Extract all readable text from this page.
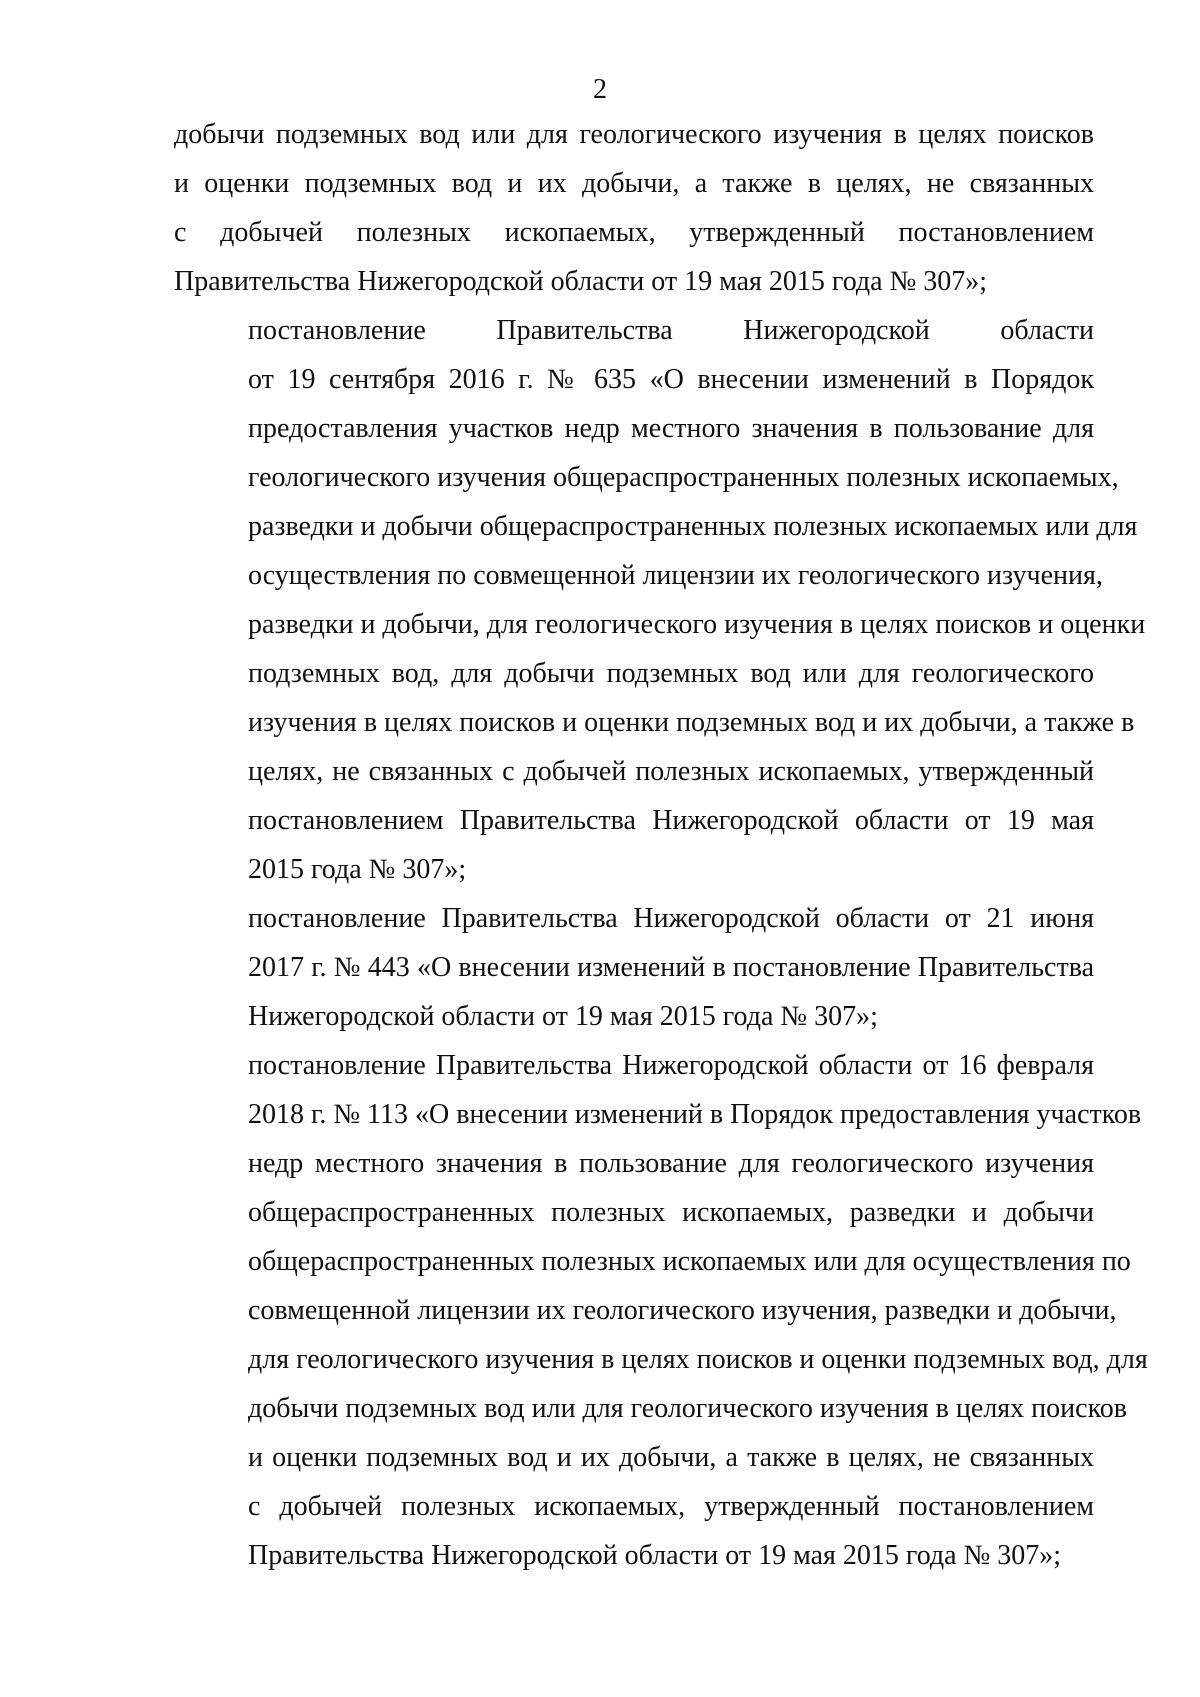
2

добычи подземных вод или для геологического изучения в целях поисков
и оценки подземных вод и их добычи, а также в целях, не связанных
с добычей полезных ископаемых, утвержденный постановлением
Правительства Нижегородской области от 19 мая 2015 года № 307»;

постановление Правительства Нижегородской области
от 19 сентября 2016 г. № 635 «О внесении изменений в Порядок
предоставления участков недр местного значения в пользование для
геологического изучения общераспространенных полезных ископаемых,
разведки и добычи общераспространенных полезных ископаемых или для
осуществления по совмещенной лицензии их геологического изучения,
разведки и добычи, для геологического изучения в целях поисков и оценки
подземных вод, для добычи подземных вод или для геологического
изучения в целях поисков и оценки подземных вод и их добычи, а также в
целях, не связанных с добычей полезных ископаемых, утвержденный
постановлением Правительства Нижегородской области от 19 мая
2015 года № 307»;

постановление Правительства Нижегородской области от 21 июня
2017 г. № 443 «О внесении изменений в постановление Правительства
Нижегородской области от 19 мая 2015 года № 307»;

постановление Правительства Нижегородской области от 16 февраля
2018 г. № 113 «О внесении изменений в Порядок предоставления участков
недр местного значения в пользование для геологического изучения
общераспространенных полезных ископаемых, разведки и добычи
общераспространенных полезных ископаемых или для осуществления по
совмещенной лицензии их геологического изучения, разведки и добычи,
для геологического изучения в целях поисков и оценки подземных вод, для
добычи подземных вод или для геологического изучения в целях поисков
и оценки подземных вод и их добычи, а также в целях, не связанных
с добычей полезных ископаемых, утвержденный постановлением
Правительства Нижегородской области от 19 мая 2015 года № 307»;
